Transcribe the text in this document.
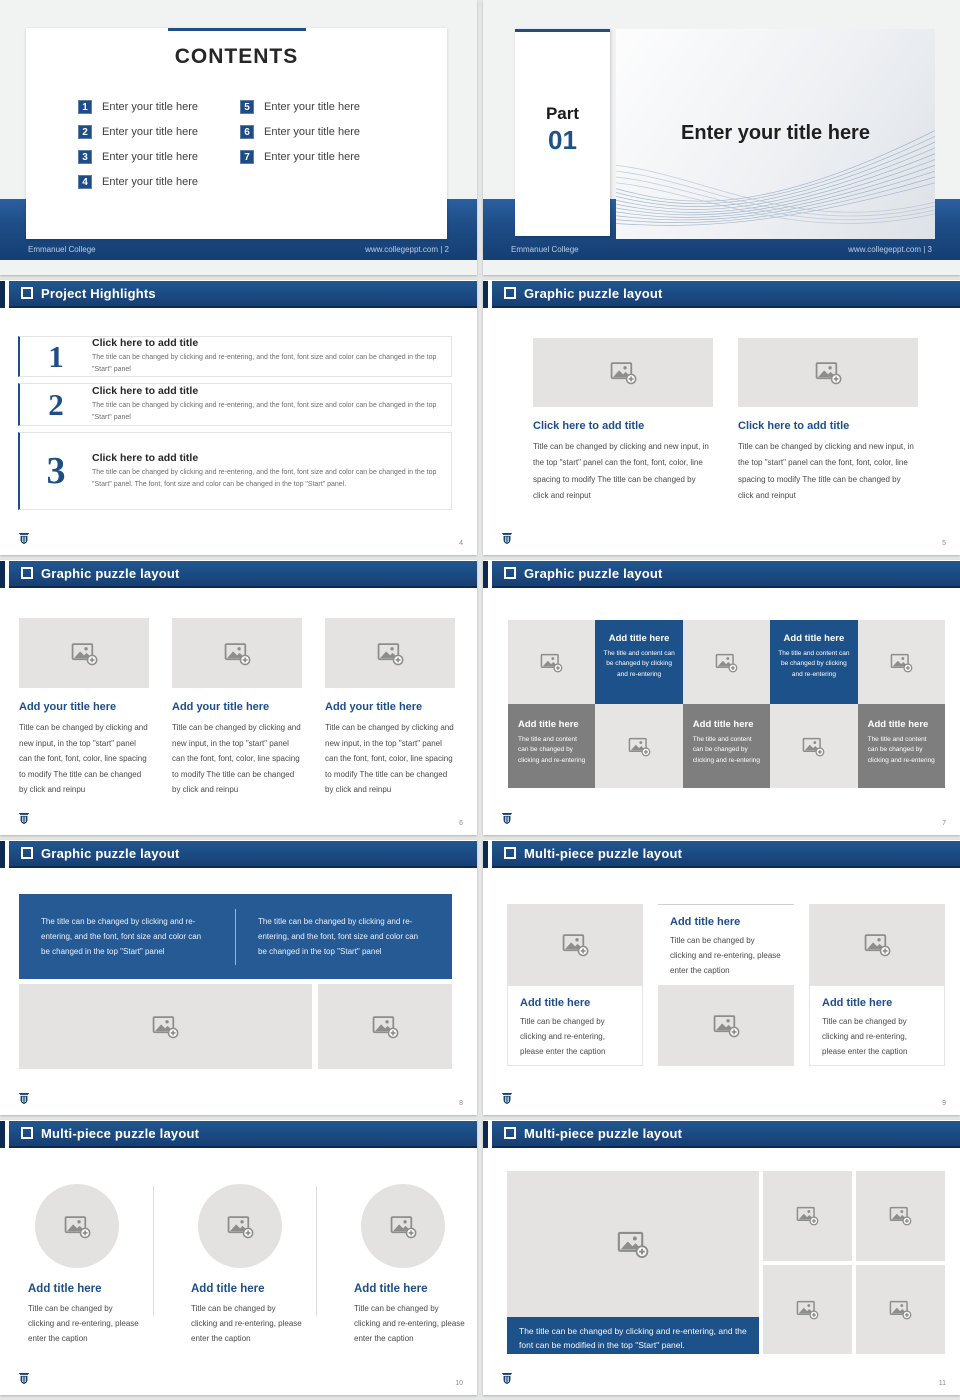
Emmanuel College	www.collegeppt.com | 2
CONTENTS
1	Enter your title here
2	Enter your title here
3	Enter your title here
4	Enter your title here
5	Enter your title here
6	Enter your title here
7	Enter your title here
Enter your title here
Part
01
Emmanuel College	www.collegeppt.com | 3
Project Highlights
1	Click here to add title
The title can be changed by clicking and re-entering, and the font, font size and color can be changed in the top "Start" panel
2	Click here to add title
The title can be changed by clicking and re-entering, and the font, font size and color can be changed in the top "Start" panel
3	Click here to add title
The title can be changed by clicking and re-entering, and the font, font size and color can be changed in the top "Start" panel. The font, font size and color can be changed in the top "Start" panel.
4
Graphic puzzle layout
Click here to add title
Title can be changed by clicking and new input, in the top "start" panel can the font, font, color, line spacing to modify The title can be changed by click and reinput
Click here to add title
Title can be changed by clicking and new input, in the top "start" panel can the font, font, color, line spacing to modify The title can be changed by click and reinput
5
Graphic puzzle layout
Add your title here
Title can be changed by clicking and new input, in the top "start" panel can the font, font, color, line spacing to modify The title can be changed by click and reinpu
Add your title here
Title can be changed by clicking and new input, in the top "start" panel can the font, font, color, line spacing to modify The title can be changed by click and reinpu
Add your title here
Title can be changed by clicking and new input, in the top "start" panel can the font, font, color, line spacing to modify The title can be changed by click and reinpu
6
Graphic puzzle layout
Add title here
The title and content can be changed by clicking and re-entering
Add title here
The title and content can be changed by clicking and re-entering
Add title here
The title and content can be changed by clicking and re-entering
Add title here
The title and content can be changed by clicking and re-entering
Add title here
The title and content can be changed by clicking and re-entering
7
Graphic puzzle layout
The title can be changed by clicking and re-entering, and the font, font size and color can be changed in the top "Start" panel
The title can be changed by clicking and re-entering, and the font, font size and color can be changed in the top "Start" panel
8
Multi-piece puzzle layout
Add title here
Title can be changed by clicking and re-entering, please enter the caption
Add title here
Title can be changed by clicking and re-entering, please enter the caption
Add title here
Title can be changed by clicking and re-entering, please enter the caption
9
Multi-piece puzzle layout
Add title here
Title can be changed by clicking and re-entering, please enter the caption
Add title here
Title can be changed by clicking and re-entering, please enter the caption
Add title here
Title can be changed by clicking and re-entering, please enter the caption
10
Multi-piece puzzle layout
The title can be changed by clicking and re-entering, and the font can be modified in the top "Start" panel.
11
